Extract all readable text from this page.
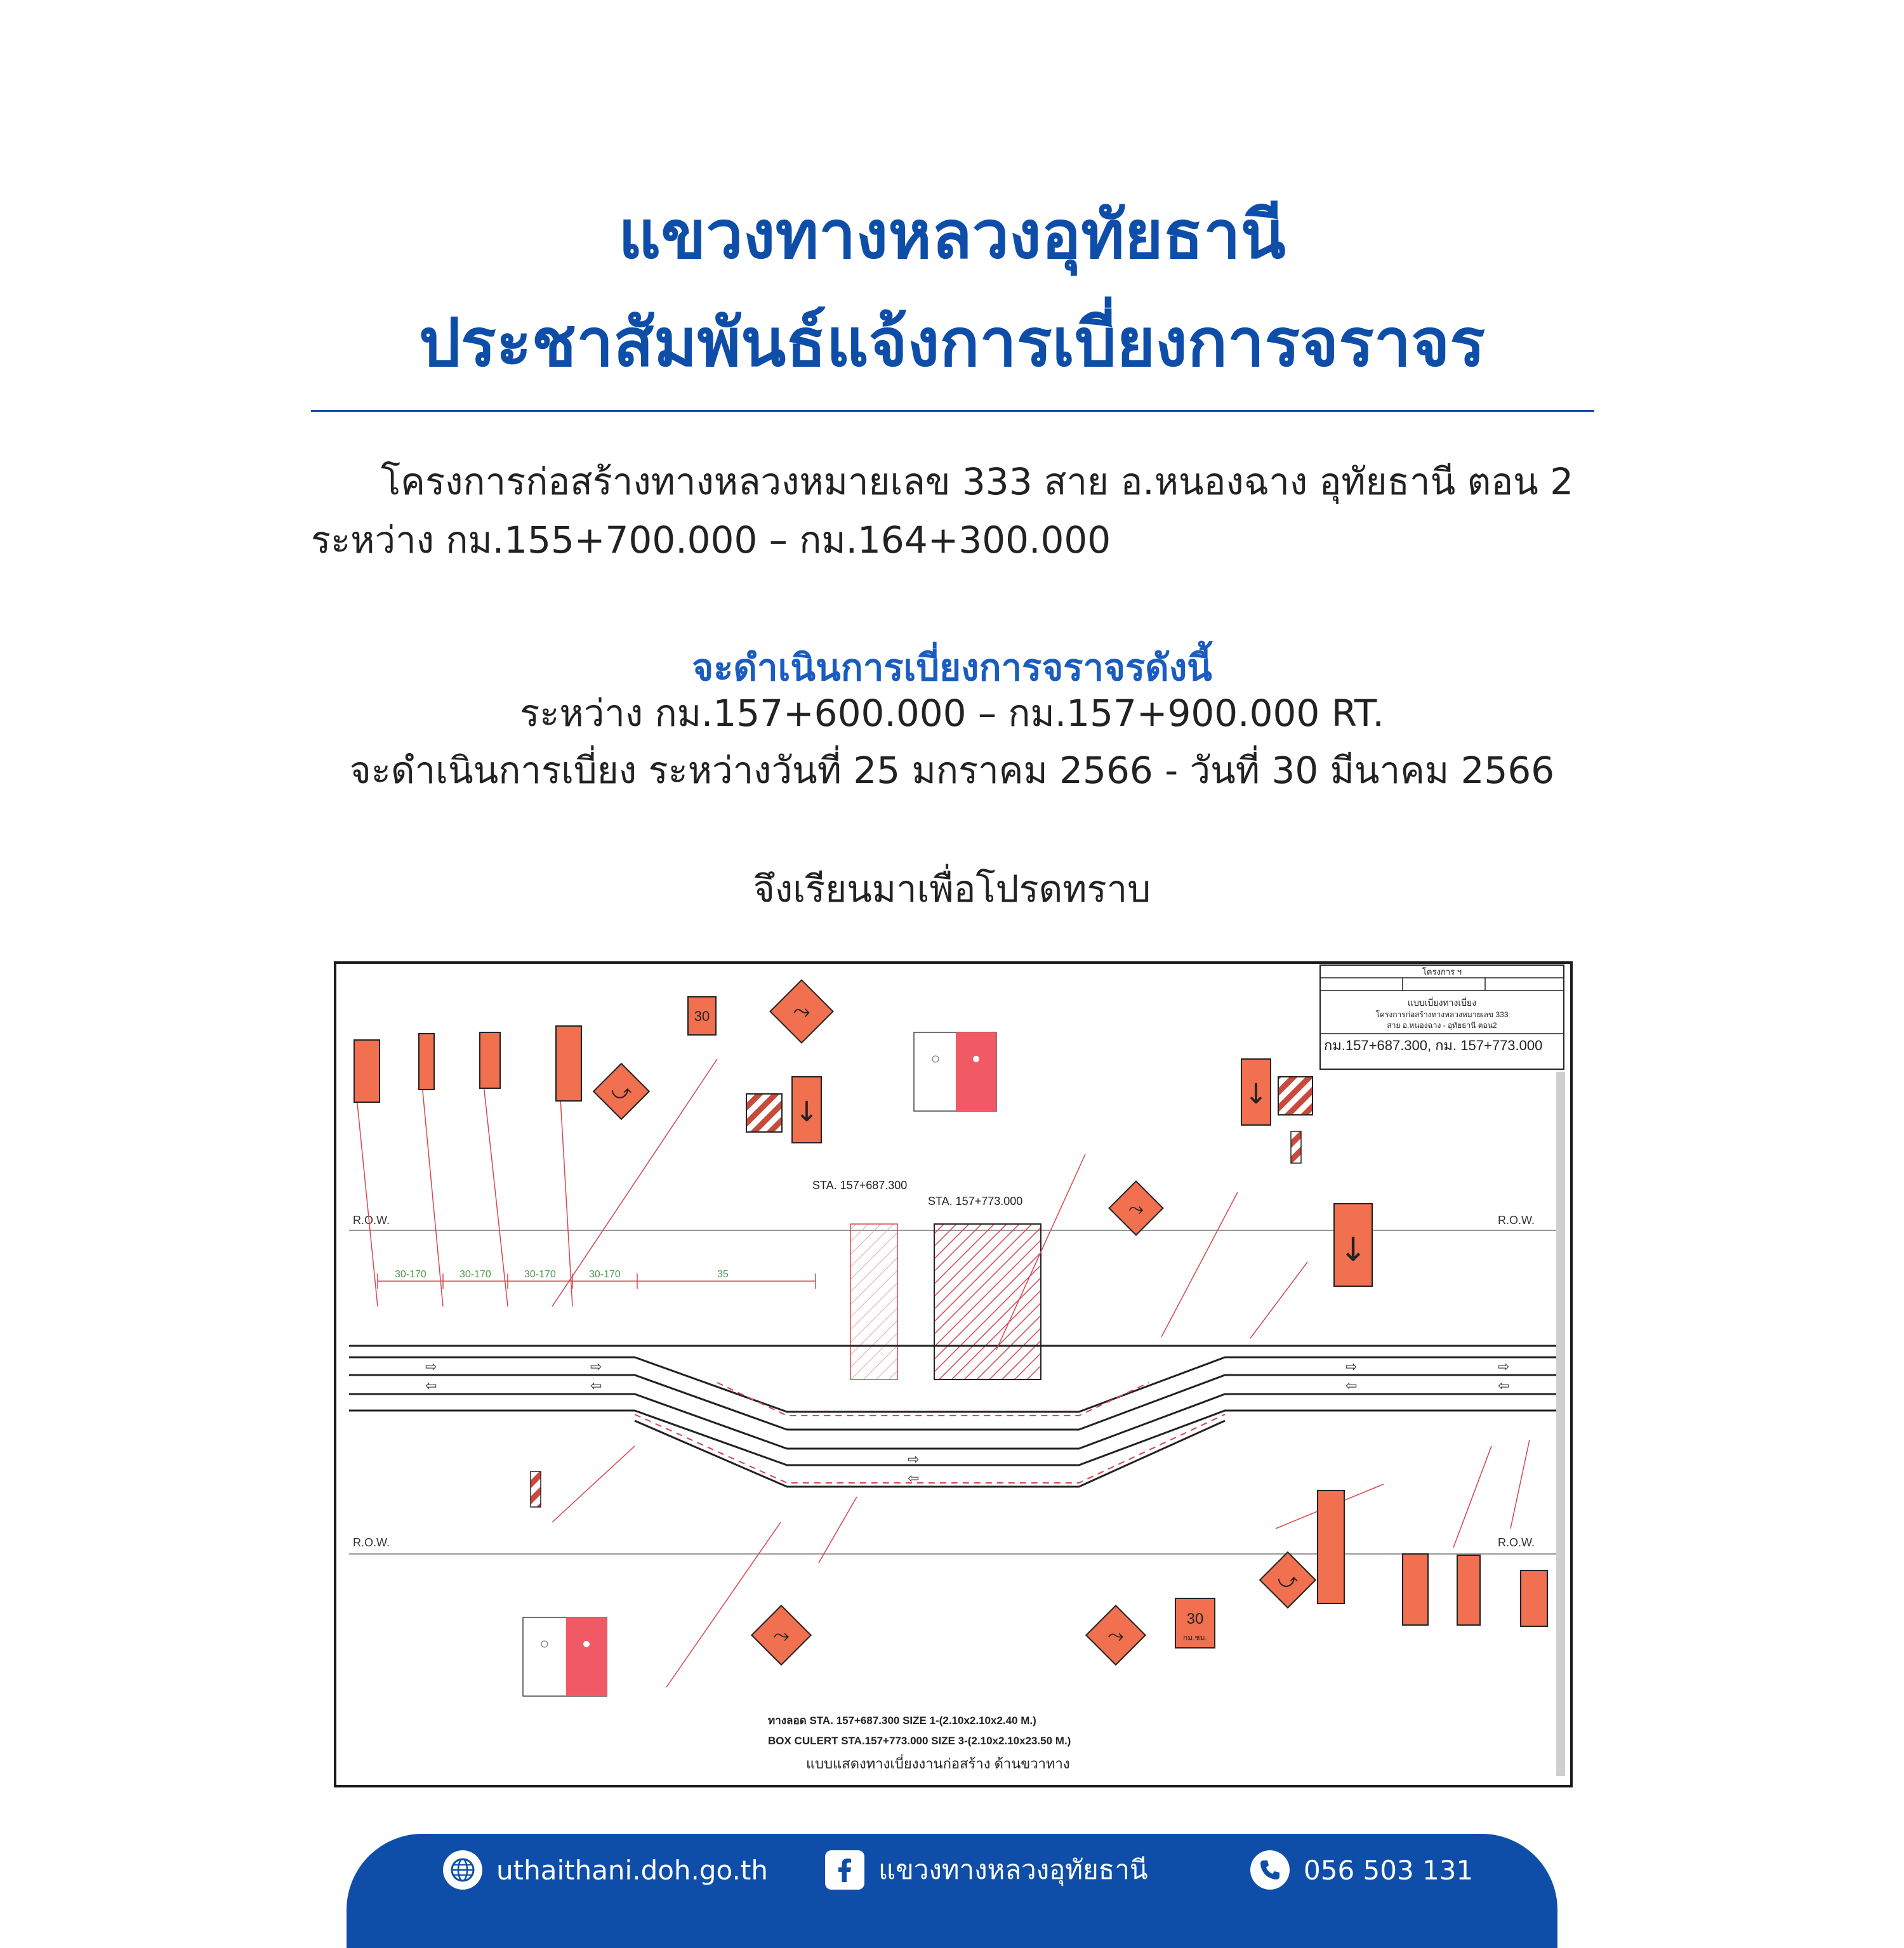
แขวงทางหลวงอุทัยธานี
ประชาสัมพันธ์แจ้งการเบี่ยงการจราจร
โครงการก่อสร้างทางหลวงหมายเลข 333 สาย อ.หนองฉาง อุทัยธานี ตอน 2
ระหว่าง กม.155+700.000 – กม.164+300.000
จะดำเนินการเบี่ยงการจราจรดังนี้
ระหว่าง กม.157+600.000 – กม.157+900.000 RT.
จะดำเนินการเบี่ยง ระหว่างวันที่ 25 มกราคม 2566 - วันที่ 30 มีนาคม 2566
จึงเรียนมาเพื่อโปรดทราบ
โครงการ ฯ
แบบเบี่ยงทางเบี่ยง
โครงการก่อสร้างทางหลวงหมายเลข 333
สาย อ.หนองฉาง - อุทัยธานี ตอน2
กม.157+687.300, กม. 157+773.000
R.O.W.	R.O.W.
R.O.W.	R.O.W.
STA. 157+687.300
STA. 157+773.000
30-170	30-170	30-170	30-170	35
⇨	⇨
⇦	⇦
⇨
⇦
⇨	⇨
⇦	⇦
⤳
⤻
⤳
⤳	⤳
⤻
30
↓
↓
↓
30
กม.ชม.
ทางลอด STA. 157+687.300 SIZE 1-(2.10x2.10x2.40 M.)
BOX CULERT STA.157+773.000 SIZE 3-(2.10x2.10x23.50 M.)
แบบแสดงทางเบี่ยงงานก่อสร้าง ด้านขวาทาง
uthaithani.doh.go.th	แขวงทางหลวงอุทัยธานี	056 503 131
